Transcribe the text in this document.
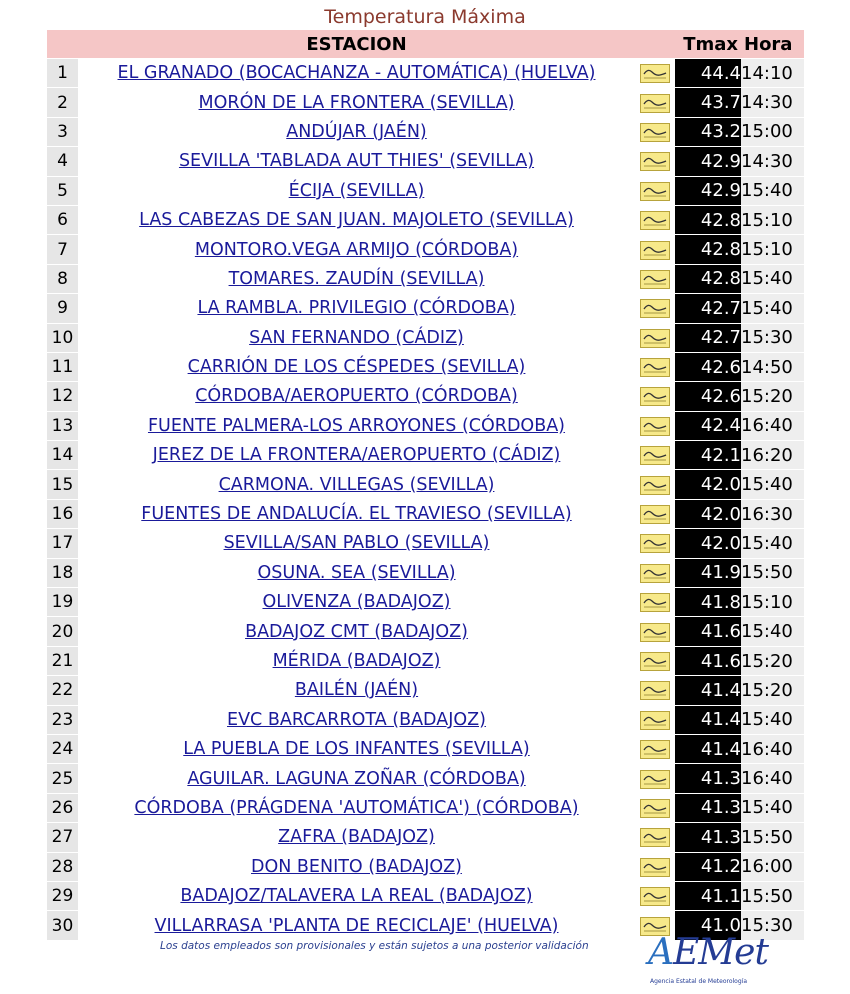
Temperatura Máxima
	ESTACION		Tmax	Hora
1	EL GRANADO (BOCACHANZA - AUTOMÁTICA) (HUELVA)		44.4	14:10
2	MORÓN DE LA FRONTERA (SEVILLA)		43.7	14:30
3	ANDÚJAR (JAÉN)		43.2	15:00
4	SEVILLA 'TABLADA AUT THIES' (SEVILLA)		42.9	14:30
5	ÉCIJA (SEVILLA)		42.9	15:40
6	LAS CABEZAS DE SAN JUAN. MAJOLETO (SEVILLA)		42.8	15:10
7	MONTORO.VEGA ARMIJO (CÓRDOBA)		42.8	15:10
8	TOMARES. ZAUDÍN (SEVILLA)		42.8	15:40
9	LA RAMBLA. PRIVILEGIO (CÓRDOBA)		42.7	15:40
10	SAN FERNANDO (CÁDIZ)		42.7	15:30
11	CARRIÓN DE LOS CÉSPEDES (SEVILLA)		42.6	14:50
12	CÓRDOBA/AEROPUERTO (CÓRDOBA)		42.6	15:20
13	FUENTE PALMERA-LOS ARROYONES (CÓRDOBA)		42.4	16:40
14	JEREZ DE LA FRONTERA/AEROPUERTO (CÁDIZ)		42.1	16:20
15	CARMONA. VILLEGAS (SEVILLA)		42.0	15:40
16	FUENTES DE ANDALUCÍA. EL TRAVIESO (SEVILLA)		42.0	16:30
17	SEVILLA/SAN PABLO (SEVILLA)		42.0	15:40
18	OSUNA. SEA (SEVILLA)		41.9	15:50
19	OLIVENZA (BADAJOZ)		41.8	15:10
20	BADAJOZ CMT (BADAJOZ)		41.6	15:40
21	MÉRIDA (BADAJOZ)		41.6	15:20
22	BAILÉN (JAÉN)		41.4	15:20
23	EVC BARCARROTA (BADAJOZ)		41.4	15:40
24	LA PUEBLA DE LOS INFANTES (SEVILLA)		41.4	16:40
25	AGUILAR. LAGUNA ZOÑAR (CÓRDOBA)		41.3	16:40
26	CÓRDOBA (PRÁGDENA 'AUTOMÁTICA') (CÓRDOBA)		41.3	15:40
27	ZAFRA (BADAJOZ)		41.3	15:50
28	DON BENITO (BADAJOZ)		41.2	16:00
29	BADAJOZ/TALAVERA LA REAL (BADAJOZ)		41.1	15:50
30	VILLARRASA 'PLANTA DE RECICLAJE' (HUELVA)		41.0	15:30
Los datos empleados son provisionales y están sujetos a una posterior validación AEMet
Agencia Estatal de Meteorología
